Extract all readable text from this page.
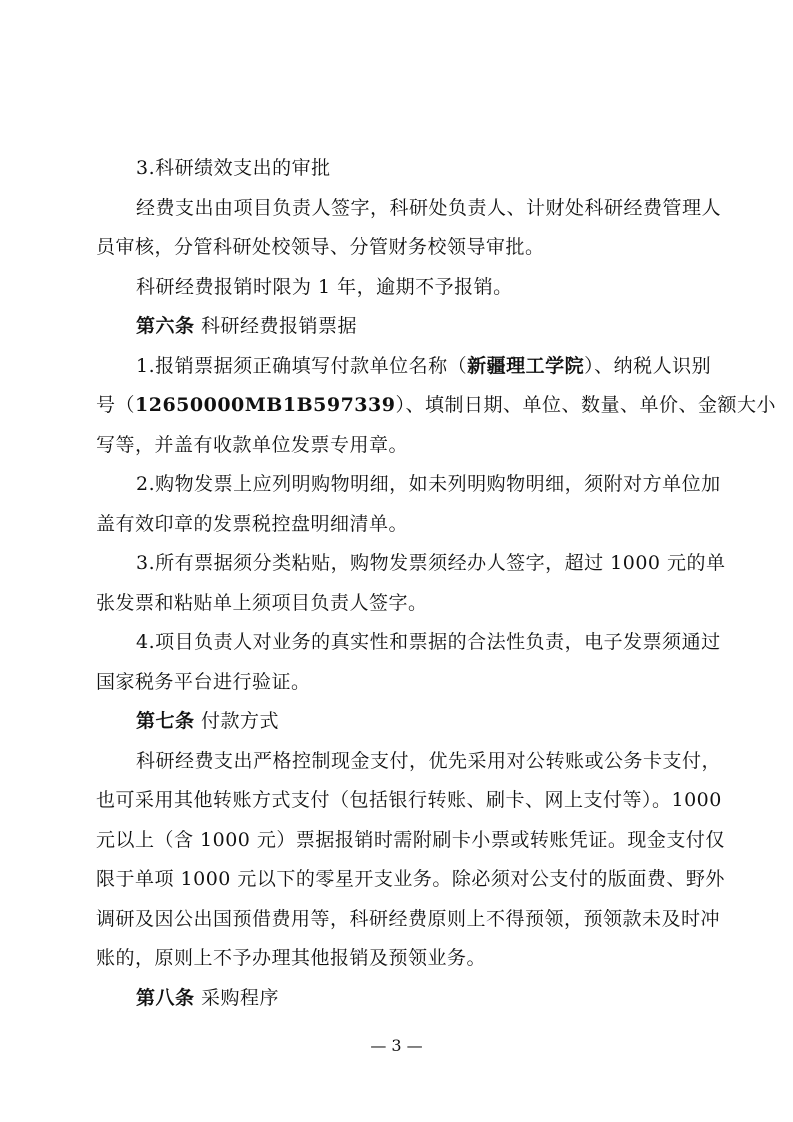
3.科研绩效支出的审批
经费支出由项目负责人签字，科研处负责人、计财处科研经费管理人
员审核，分管科研处校领导、分管财务校领导审批。
科研经费报销时限为 1 年，逾期不予报销。
第六条 科研经费报销票据
1.报销票据须正确填写付款单位名称（新疆理工学院）、纳税人识别
号（12650000MB1B597339）、填制日期、单位、数量、单价、金额大小
写等，并盖有收款单位发票专用章。
2.购物发票上应列明购物明细，如未列明购物明细，须附对方单位加
盖有效印章的发票税控盘明细清单。
3.所有票据须分类粘贴，购物发票须经办人签字，超过 1000 元的单
张发票和粘贴单上须项目负责人签字。
4.项目负责人对业务的真实性和票据的合法性负责，电子发票须通过
国家税务平台进行验证。
第七条 付款方式
科研经费支出严格控制现金支付，优先采用对公转账或公务卡支付，
也可采用其他转账方式支付（包括银行转账、刷卡、网上支付等）。1000
元以上（含 1000 元）票据报销时需附刷卡小票或转账凭证。现金支付仅
限于单项 1000 元以下的零星开支业务。除必须对公支付的版面费、野外
调研及因公出国预借费用等，科研经费原则上不得预领，预领款未及时冲
账的，原则上不予办理其他报销及预领业务。
第八条 采购程序
— 3 —
